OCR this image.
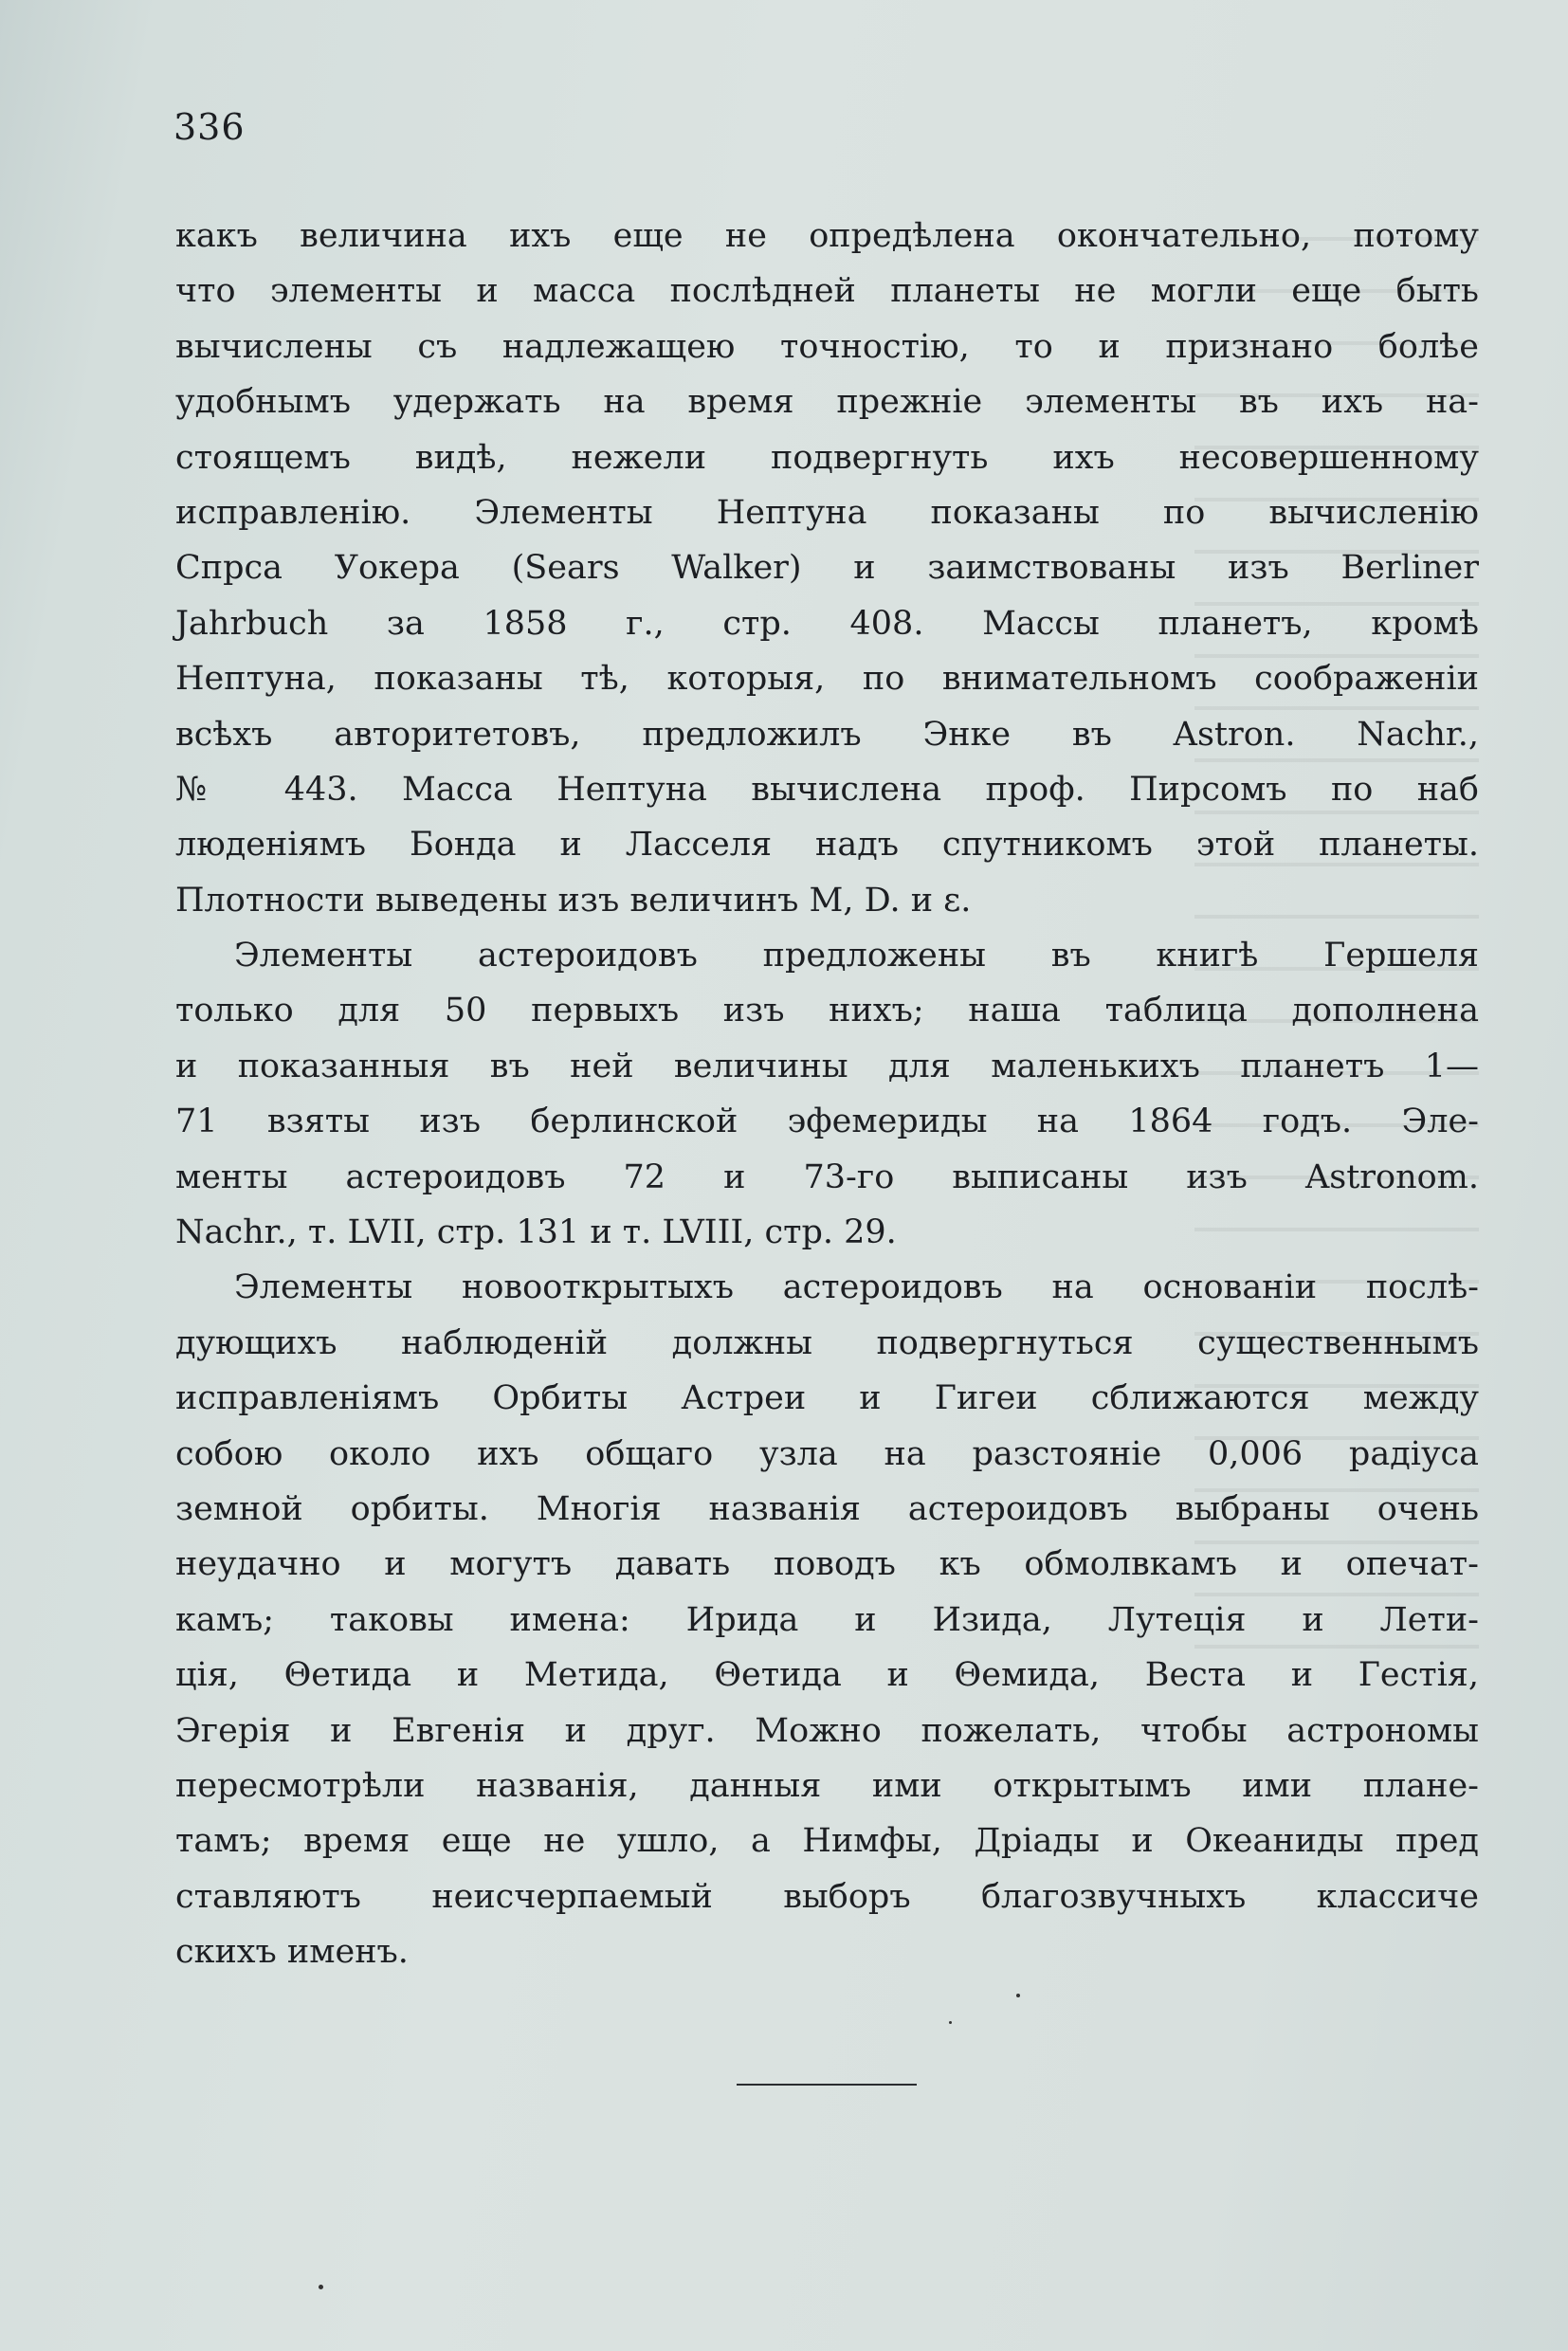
336
какъ величина ихъ еще не опредѣлена окончательно, потому
что элементы и масса послѣдней планеты не могли еще быть
вычислены съ надлежащею точностію, то и признано болѣе
удобнымъ удержать на время прежніе элементы въ ихъ на-
стоящемъ видѣ, нежели подвергнуть ихъ несовершенному
исправленію. Элементы Нептуна показаны по вычисленію
Спрса Уокера (Sears Walker) и заимствованы изъ Berliner
Jahrbuch за 1858 г., стр. 408. Массы планетъ, кромѣ
Нептуна, показаны тѣ, которыя, по внимательномъ соображеніи
всѣхъ авторитетовъ, предложилъ Энке въ Astron. Nachr.,
№ 443. Масса Нептуна вычислена проф. Пирсомъ по наб
люденіямъ Бонда и Ласселя надъ спутникомъ этой планеты.
Плотности выведены изъ величинъ M, D. и ε.
Элементы астероидовъ предложены въ книгѣ Гершеля
только для 50 первыхъ изъ нихъ; наша таблица дополнена
и показанныя въ ней величины для маленькихъ планетъ 1—
71 взяты изъ берлинской эфемериды на 1864 годъ. Эле-
менты астероидовъ 72 и 73-го выписаны изъ Astronom.
Nachr., т. LVII, стр. 131 и т. LVIII, стр. 29.
Элементы новооткрытыхъ астероидовъ на основаніи послѣ-
дующихъ наблюденій должны подвергнуться существеннымъ
исправленіямъ Орбиты Астреи и Гигеи сближаются между
собою около ихъ общаго узла на разстояніе 0,006 радіуса
земной орбиты. Многія названія астероидовъ выбраны очень
неудачно и могутъ давать поводъ къ обмолвкамъ и опечат-
камъ; таковы имена: Ирида и Изида, Лутеція и Лети-
ція, Θетида и Метида, Θетида и Θемида, Веста и Гестія,
Эгерія и Евгенія и друг. Можно пожелать, чтобы астрономы
пересмотрѣли названія, данныя ими открытымъ ими плане-
тамъ; время еще не ушло, а Нимфы, Дріады и Океаниды пред
ставляютъ неисчерпаемый выборъ благозвучныхъ классиче
скихъ именъ.
